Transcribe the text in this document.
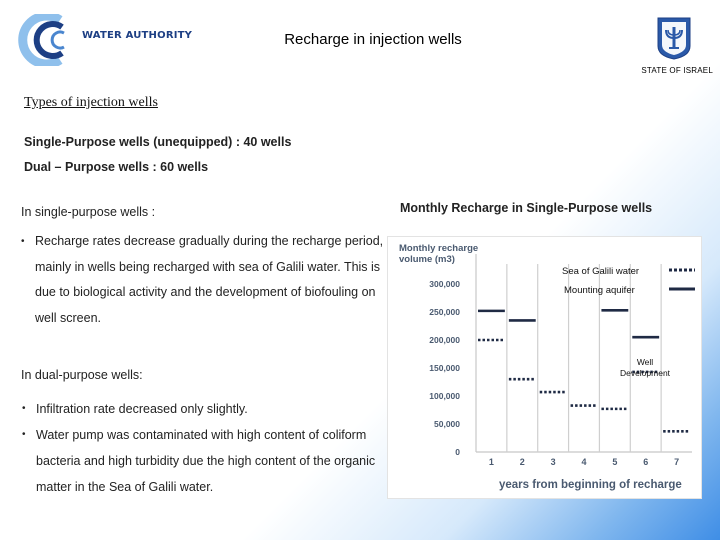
WATER AUTHORITY	Recharge in injection wells
STATE OF ISRAEL
Types of injection wells
Single-Purpose wells (unequipped) : 40 wells
Dual – Purpose wells : 60 wells
In single-purpose wells :
• Recharge rates decrease gradually during the recharge period, mainly in wells being recharged with sea of Galili water. This is due to biological activity and the development of biofouling on well screen.
In dual-purpose wells:
• Infiltration rate decreased only slightly.
• Water pump was contaminated with high content of coliform bacteria and high turbidity due the high content of the organic matter in the Sea of Galili water.
Monthly Recharge in Single-Purpose wells
Monthly recharge
volume (m3)
years from beginning of recharge
300,000
250,000
200,000
150,000
100,000
50,000
0
1	2	3	4	5	6	7
Sea of Galili water
Mounting aquifer
Well
Development
